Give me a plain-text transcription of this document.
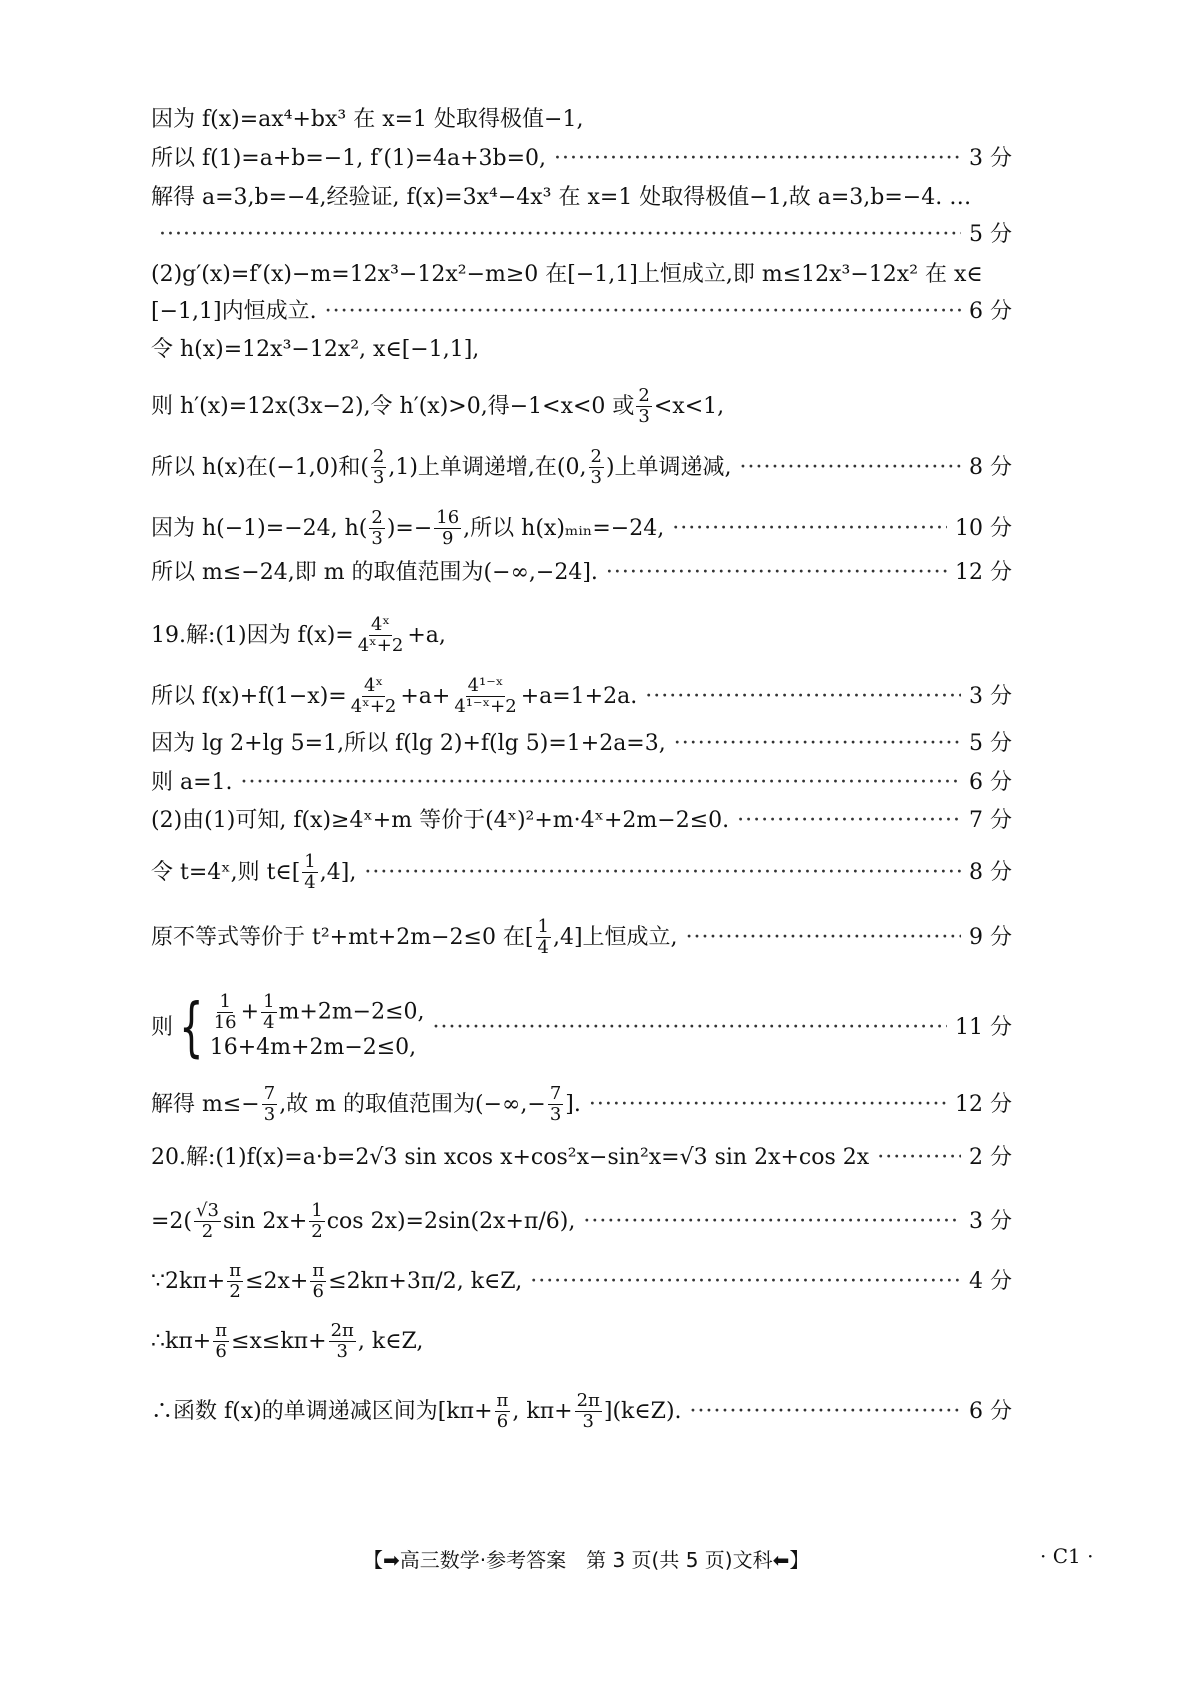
因为 f(x)=ax⁴+bx³ 在 x=1 处取得极值−1,
所以 f(1)=a+b=−1, f′(1)=4a+3b=0, ·····	3 分
解得 a=3,b=−4,经验证, f(x)=3x⁴−4x³ 在 x=1 处取得极值−1,故 a=3,b=−4. …
·····
5 分
(2)g′(x)=f′(x)−m=12x³−12x²−m≥0 在[−1,1]上恒成立,即 m≤12x³−12x² 在 x∈
[−1,1]内恒成立. ·····	6 分
令 h(x)=12x³−12x², x∈[−1,1],
则 h′(x)=12x(3x−2),令 h′(x)>0,得−1<x<0 或 $\frac{2}{3} <x<1$,
所以 h(x)在(−1,0)和( $\frac{2}{3} ,1$)上单调递增,在(0, $\frac{2}{3}$ )上单调递减, ·····	8 分
因为 h(−1)=−24, $h( \frac{2}{3}$ )=− $\frac{16}{9}$ ,所以 h(x)ₘᵢₙ=−24, ·····	10 分
所以 m≤−24,即 m 的取值范围为(−∞,−24]. ·····	12 分
19.解:(1)因为 $f(x)= \frac{\text{4ˣ}}{\text{4ˣ+2}} +a$,
所以 $f(x)+f(1-x)= \frac{\text{4ˣ}}{\text{4ˣ+2}} +a+ \frac{\text{4¹⁻ˣ}}{\text{4¹⁻ˣ+2}} +a=1+2a$. ·····	3 分
因为 lg 2+lg 5=1,所以 f(lg 2)+f(lg 5)=1+2a=3, ·····	5 分
则 a=1. ·····	6 分
(2)由(1)可知, f(x)≥4ˣ+m 等价于(4ˣ)²+m·4ˣ+2m−2≤0. ·····	7 分
令 t=4ˣ,则 t∈[ $\frac{1}{4} ,4$], ·····	8 分
原不等式等价于 t²+mt+2m−2≤0 在[ $\frac{1}{4} ,4$]上恒成立, ·····	9 分
则 { $\frac{1}{16} + \frac{1}{4} m+2m-2\le 0$,
16+4m+2m−2≤0,
·····
11 分
解得 $m\le- \frac{7}{3}$ ,故 m 的取值范围为(−∞,− $\frac{7}{3}$ ]. ·····	12 分
20.解:(1)f(x)=a·b=2√3 sin xcos x+cos²x−sin²x=√3 sin 2x+cos 2x ·····	2 分
$=2( \frac{√3}{2}$ $\sin 2x+ \frac{1}{2}$ cos 2x)=2sin(2x+π/6), ·····	3 分
∵2kπ+ $\frac{\pi}{2} \le 2x+ \frac{\pi}{6} \le 2k\pi+3\pi/2$, k∈Z, ·····	4 分
∴kπ+ $\frac{\pi}{6} \le x\le k\pi+ \frac{2\pi}{3}$ , k∈Z,
∴函数 f(x)的单调递减区间为[$k\pi+ \frac{\pi}{6}$ , $k\pi+ \frac{2\pi}{3}$ ](k∈Z). ·····	6 分
【➡高三数学·参考答案　第 3 页(共 5 页)文科⬅】	· C1 ·
